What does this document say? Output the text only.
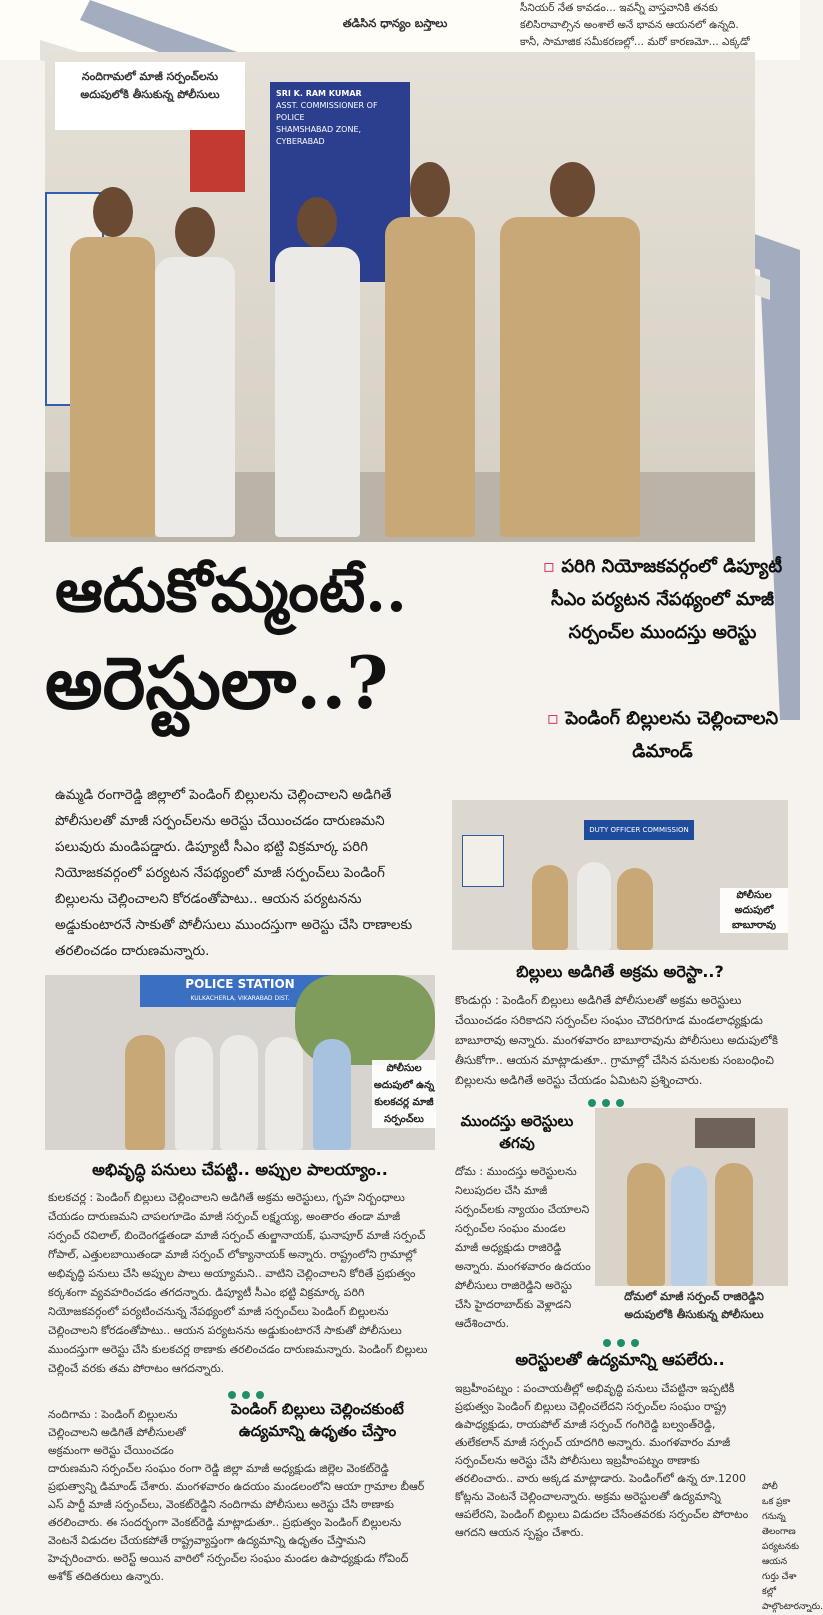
తడిసిన ధాన్యం బస్తాలు
సీనియర్ నేత కావడం... ఇవన్నీ వాస్తవానికి తనకు కలిసిరావాల్సిన అంశాలే అనే భావన ఆయనలో ఉన్నది. కానీ, సామాజిక సమీకరణల్లో... మరో కారణమో... ఎక్కడో
SRI K. RAM KUMAR
ASST. COMMISSIONER OF POLICE
SHAMSHABAD ZONE, CYBERABAD
నందిగామలో మాజీ సర్పంచ్‌లను అదుపులోకి తీసుకున్న పోలీసులు
ఆదుకోమ్మంటే..
అరెస్టులా..?
▫ పరిగి నియోజకవర్గంలో డిప్యూటీ సీఎం పర్యటన నేపథ్యంలో మాజీ సర్పంచ్‌ల ముందస్తు అరెస్టు
▫ పెండింగ్ బిల్లులను చెల్లించాలని డిమాండ్
ఉమ్మడి రంగారెడ్డి జిల్లాలో పెండింగ్ బిల్లులను చెల్లించాలని అడిగితే పోలీసులతో మాజీ సర్పంచ్‌లను అరెస్టు చేయించడం దారుణమని పలువురు మండిపడ్డారు. డిప్యూటీ సీఎం భట్టి విక్రమార్క పరిగి నియోజకవర్గంలో పర్యటన నేపథ్యంలో మాజీ సర్పంచ్‌లు పెండింగ్ బిల్లులను చెల్లించాలని కోరడంతోపాటు.. ఆయన పర్యటనను అడ్డుకుంటారనే సాకుతో పోలీసులు ముందస్తుగా అరెస్టు చేసి రాణాలకు తరలించడం దారుణమన్నారు.
DUTY OFFICER COMMISSION
పోలీసుల అదుపులో బాబూరావు
బిల్లులు అడిగితే అక్రమ అరెస్టా..?
కొండుర్గు : పెండింగ్ బిల్లులు అడిగితే పోలీసులతో అక్రమ అరెస్టులు చేయించడం సరికాదని సర్పంచ్‌ల సంఘం చౌదరిగూడ మండలాధ్యక్షుడు బాబూరావు అన్నారు. మంగళవారం బాబూరావును పోలీసులు అదుపులోకి తీసుకోగా.. ఆయన మాట్లాడుతూ.. గ్రామాల్లో చేసిన పనులకు సంబంధించి బిల్లులను అడిగితే అరెస్టు చేయడం ఏమిటని ప్రశ్నించారు.
POLICE STATION
KULKACHERLA, VIKARABAD DIST.
పోలీసుల అదుపులో ఉన్న కులకచర్ల మాజీ సర్పంచ్‌లు
అభివృద్ధి పనులు చేపట్టి.. అప్పుల పాలయ్యాం..
కులకచర్ల : పెండింగ్ బిల్లులు చెల్లించాలని అడిగితే అక్రమ అరెస్టులు, గృహ నిర్బంధాలు చేయడం దారుణమని చాపలగూడెం మాజీ సర్పంచ్ లక్ష్మయ్య, అంతారం తండా మాజీ సర్పంచ్ రవిలాల్, బిందెంగడ్డతండా మాజీ సర్పంచ్ తుల్జానాయక్, ఘనాపూర్ మాజీ సర్పంచ్ గోపాల్, ఎత్తులబాయితండా మాజీ సర్పంచ్ లోక్యానాయక్ అన్నారు. రాష్ట్రంలోని గ్రామాల్లో అభివృద్ధి పనులు చేసి అప్పుల పాలు అయ్యామని.. వాటిని చెల్లించాలని కోరితే ప్రభుత్వం కర్కశంగా వ్యవహరించడం తగదన్నారు. డిప్యూటీ సీఎం భట్టి విక్రమార్క పరిగి నియోజకవర్గంలో పర్యటించనున్న నేపథ్యంలో మాజీ సర్పంచ్‌లు పెండింగ్ బిల్లులను చెల్లించాలని కోరడంతోపాటు.. ఆయన పర్యటనను అడ్డుకుంటారనే సాకుతో పోలీసులు ముందస్తుగా అరెస్టు చేసి కులకచర్ల ఠాణాకు తరలించడం దారుణమన్నారు. పెండింగ్ బిల్లులు చెల్లించే వరకు తమ పోరాటం ఆగదన్నారు.
ముందస్తు అరెస్టులు తగవు
దోమ : ముందస్తు అరెస్టులను నిలుపుదల చేసి మాజీ సర్పంచ్‌లకు న్యాయం చేయాలని సర్పంచ్‌ల సంఘం మండల మాజీ అధ్యక్షుడు రాజిరెడ్డి అన్నారు. మంగళవారం ఉదయం పోలీసులు రాజిరెడ్డిని అరెస్టు చేసి హైదరాబాద్‌కు వెళ్లాడని ఆదేశించారు.
దోమలో మాజీ సర్పంచ్ రాజిరెడ్డిని అదుపులోకి తీసుకున్న పోలీసులు
పెండింగ్ బిల్లులు చెల్లించకుంటే ఉద్యమాన్ని ఉధృతం చేస్తాం
నందిగామ : పెండింగ్ బిల్లులను చెల్లించాలని అడిగితే పోలీసులతో అక్రమంగా అరెస్టు చేయించడం
దారుణమని సర్పంచ్‌ల సంఘం రంగా రెడ్డి జిల్లా మాజీ అధ్యక్షుడు జిల్లెల వెంకట్‌రెడ్డి ప్రభుత్వాన్ని డిమాండ్ చేశారు. మంగళవారం ఉదయం మండలంలోని ఆయా గ్రామాల బీఆర్ ఎస్ పార్టీ మాజీ సర్పంచ్‌లు, వెంకట్‌రెడ్డిని నందిగామ పోలీసులు అరెస్టు చేసి ఠాణాకు తరలించారు. ఈ సందర్భంగా వెంకట్‌రెడ్డి మాట్లాడుతూ.. ప్రభుత్వం పెండింగ్ బిల్లులను వెంటనే విడుదల చేయకపోతే రాష్ట్రవ్యాప్తంగా ఉద్యమాన్ని ఉధృతం చేస్తామని హెచ్చరించారు. అరెస్ట్ అయిన వారిలో సర్పంచ్‌ల సంఘం మండల ఉపాధ్యక్షుడు గోవింద్ అశోక్ తదితరులు ఉన్నారు.
అరెస్టులతో ఉద్యమాన్ని ఆపలేరు..
ఇబ్రహీంపట్నం : పంచాయతీల్లో అభివృద్ధి పనులు చేపట్టినా ఇప్పటికీ ప్రభుత్వం పెండింగ్ బిల్లులు చెల్లించలేదని సర్పంచ్‌ల సంఘం రాష్ట్ర ఉపాధ్యక్షుడు, రాయపోల్ మాజీ సర్పంచ్ గంగిరెడ్డి బల్వంత్‌రెడ్డి, తులేకలాన్ మాజీ సర్పంచ్ యాదగిరి అన్నారు. మంగళవారం మాజీ సర్పంచ్‌లను అరెస్టు చేసి పోలీసులు ఇబ్రహీంపట్నం ఠాణాకు తరలించారు.. వారు అక్కడ మాట్లాడారు. పెండింగ్‌లో ఉన్న రూ.1200 కోట్లను వెంటనే చెల్లించాలన్నారు. అక్రమ అరెస్టులతో ఉద్యమాన్ని ఆపలేరని, పెండింగ్ బిల్లులు విడుదల చేసేంతవరకు సర్పంచ్‌ల పోరాటం ఆగదని ఆయన స్పష్టం చేశారు.
పోలీ
ఒక ప్రకా
గనున్న తెలంగాణ
పర్యటనకు
ఆయన గుర్తు చేశా
కల్లో పాల్గొంటారన్నారు.
